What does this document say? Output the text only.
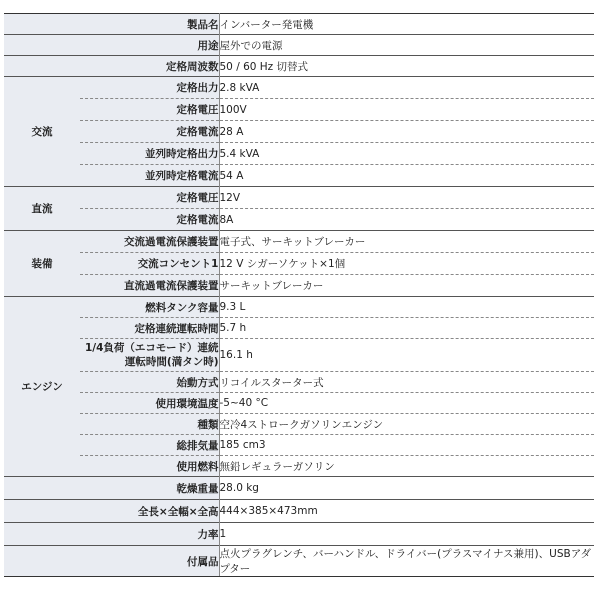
製品名		インバーター発電機
用途		屋外での電源
定格周波数		50 / 60 Hz 切替式
交流	定格出力	2.8 kVA
	定格電圧	100V
	定格電流	28 A
	並列時定格出力	5.4 kVA
	並列時定格電流	54 A
直流	定格電圧	12V
	定格電流	8A
装備	交流過電流保護装置	電子式、サーキットブレーカー
	交流コンセント1	12 V シガーソケット×1個
	直流過電流保護装置	サーキットブレーカー
エンジン	燃料タンク容量	9.3 L
	定格連続運転時間	5.7 h
	1/4負荷（エコモード）連続運転時間(満タン時)	16.1 h
	始動方式	リコイルスターター式
	使用環境温度	-5~40 °C
	種類	空冷4ストロークガソリンエンジン
	総排気量	185 cm3
	使用燃料	無鉛レギュラーガソリン
乾燥重量		28.0 kg
全長×全幅×全高		444×385×473mm
力率		1
付属品		点火プラグレンチ、バーハンドル、ドライバー(プラスマイナス兼用)、USBアダプター
